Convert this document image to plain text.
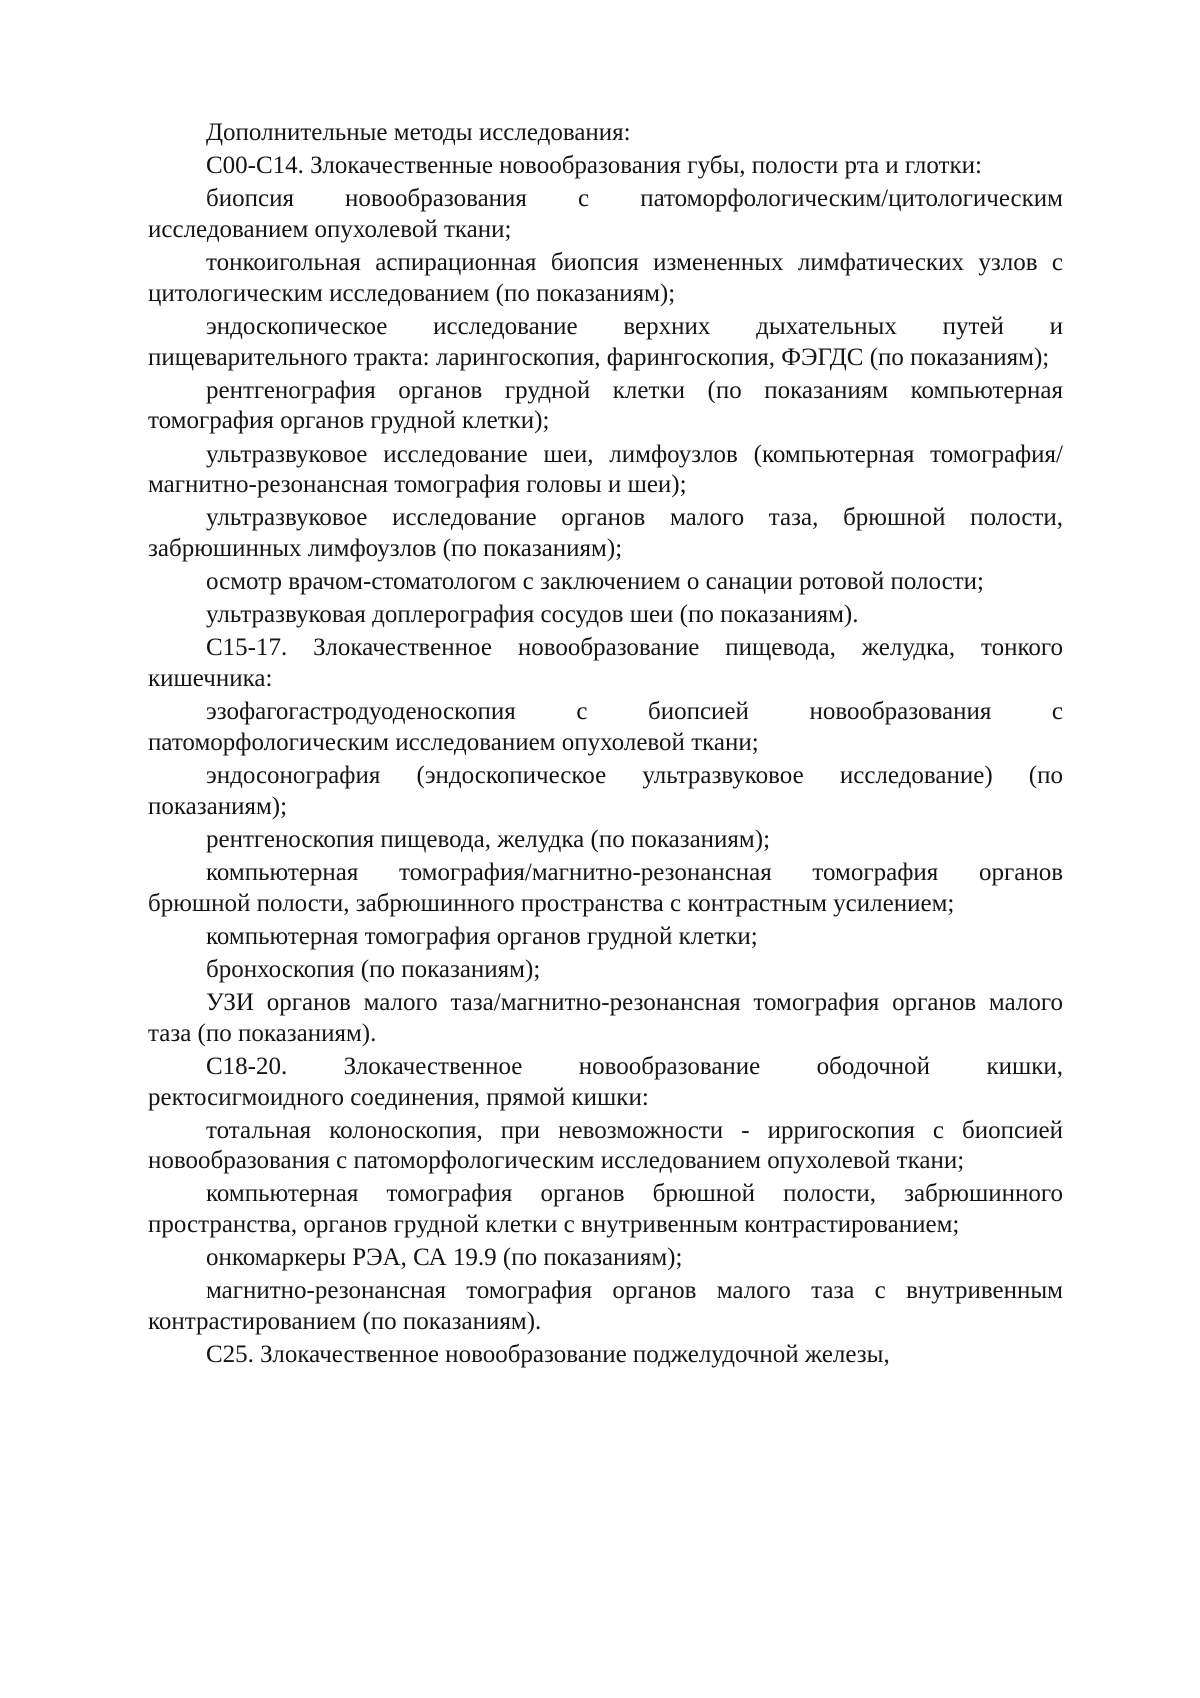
Дополнительные методы исследования:

С00-С14. Злокачественные новообразования губы, полости рта и глотки:

биопсия новообразования с патоморфологическим/цитологическим исследованием опухолевой ткани;

тонкоигольная аспирационная биопсия измененных лимфатических узлов с цитологическим исследованием (по показаниям);

эндоскопическое исследование верхних дыхательных путей и пищеварительного тракта: ларингоскопия, фарингоскопия, ФЭГДС (по показаниям);

рентгенография органов грудной клетки (по показаниям компьютерная томография органов грудной клетки);

ультразвуковое исследование шеи, лимфоузлов (компьютерная томография/магнитно-резонансная томография головы и шеи);

ультразвуковое исследование органов малого таза, брюшной полости, забрюшинных лимфоузлов (по показаниям);

осмотр врачом-стоматологом с заключением о санации ротовой полости;

ультразвуковая доплерография сосудов шеи (по показаниям).

С15-17. Злокачественное новообразование пищевода, желудка, тонкого кишечника:

эзофагогастродуоденоскопия с биопсией новообразования с патоморфологическим исследованием опухолевой ткани;

эндосонография (эндоскопическое ультразвуковое исследование) (по показаниям);

рентгеноскопия пищевода, желудка (по показаниям);

компьютерная томография/магнитно-резонансная томография органов брюшной полости, забрюшинного пространства с контрастным усилением;

компьютерная томография органов грудной клетки;

бронхоскопия (по показаниям);

УЗИ органов малого таза/магнитно-резонансная томография органов малого таза (по показаниям).

С18-20. Злокачественное новообразование ободочной кишки, ректосигмоидного соединения, прямой кишки:

тотальная колоноскопия, при невозможности - ирригоскопия с биопсией новообразования с патоморфологическим исследованием опухолевой ткани;

компьютерная томография органов брюшной полости, забрюшинного пространства, органов грудной клетки с внутривенным контрастированием;

онкомаркеры РЭА, СА 19.9 (по показаниям);

магнитно-резонансная томография органов малого таза с внутривенным контрастированием (по показаниям).

С25. Злокачественное новообразование поджелудочной железы,
